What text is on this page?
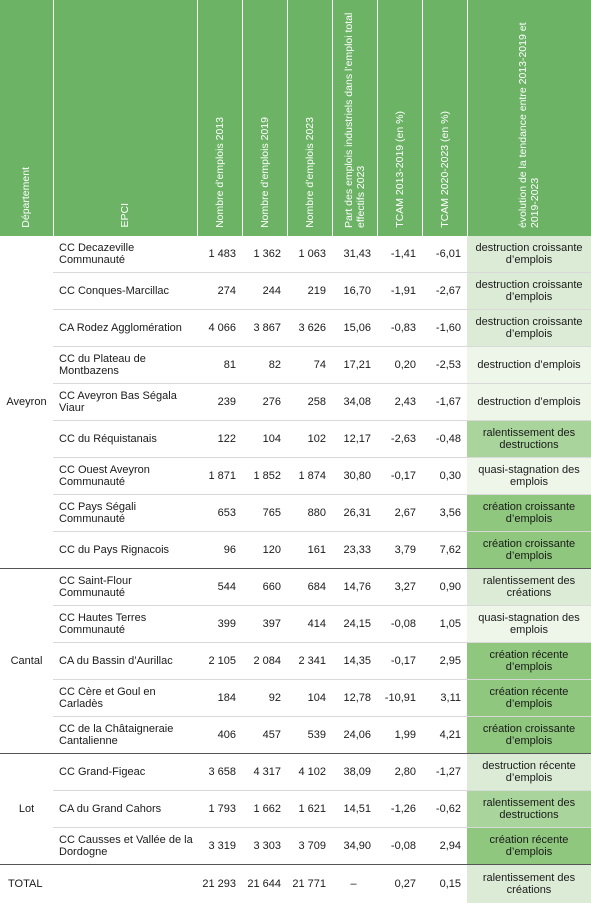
Département	EPCI	Nombre d’emplois 2013	Nombre d’emplois 2019	Nombre d’emplois 2023	Part des emplois industriels dans l’emploi total effectifs 2023	TCAM 2013-2019 (en %)	TCAM 2020-2023 (en %)	évolution de la tendance entre 2013-2019 et 2019-2023

Aveyron	CC Decazeville Communauté	1 483	1 362	1 063	31,43	-1,41	-6,01	destruction croissante d’emplois
	CC Conques-Marcillac	274	244	219	16,70	-1,91	-2,67	destruction croissante d’emplois
	CA Rodez Agglomération	4 066	3 867	3 626	15,06	-0,83	-1,60	destruction croissante d’emplois
	CC du Plateau de Montbazens	81	82	74	17,21	0,20	-2,53	destruction d’emplois
	CC Aveyron Bas Ségala Viaur	239	276	258	34,08	2,43	-1,67	destruction d’emplois
	CC du Réquistanais	122	104	102	12,17	-2,63	-0,48	ralentissement des destructions
	CC Ouest Aveyron Communauté	1 871	1 852	1 874	30,80	-0,17	0,30	quasi-stagnation des emplois
	CC Pays Ségali Communauté	653	765	880	26,31	2,67	3,56	création croissante d’emplois
	CC du Pays Rignacois	96	120	161	23,33	3,79	7,62	création croissante d’emplois
Cantal	CC Saint-Flour Communauté	544	660	684	14,76	3,27	0,90	ralentissement des créations
	CC Hautes Terres Communauté	399	397	414	24,15	-0,08	1,05	quasi-stagnation des emplois
	CA du Bassin d’Aurillac	2 105	2 084	2 341	14,35	-0,17	2,95	création récente d’emplois
	CC Cère et Goul en Carladès	184	92	104	12,78	-10,91	3,11	création récente d’emplois
	CC de la Châtaigneraie Cantalienne	406	457	539	24,06	1,99	4,21	création croissante d’emplois
Lot	CC Grand-Figeac	3 658	4 317	4 102	38,09	2,80	-1,27	destruction récente d’emplois
	CA du Grand Cahors	1 793	1 662	1 621	14,51	-1,26	-0,62	ralentissement des destructions
	CC Causses et Vallée de la Dordogne	3 319	3 303	3 709	34,90	-0,08	2,94	création récente d’emplois
TOTAL		21 293	21 644	21 771	–	0,27	0,15	ralentissement des créations
